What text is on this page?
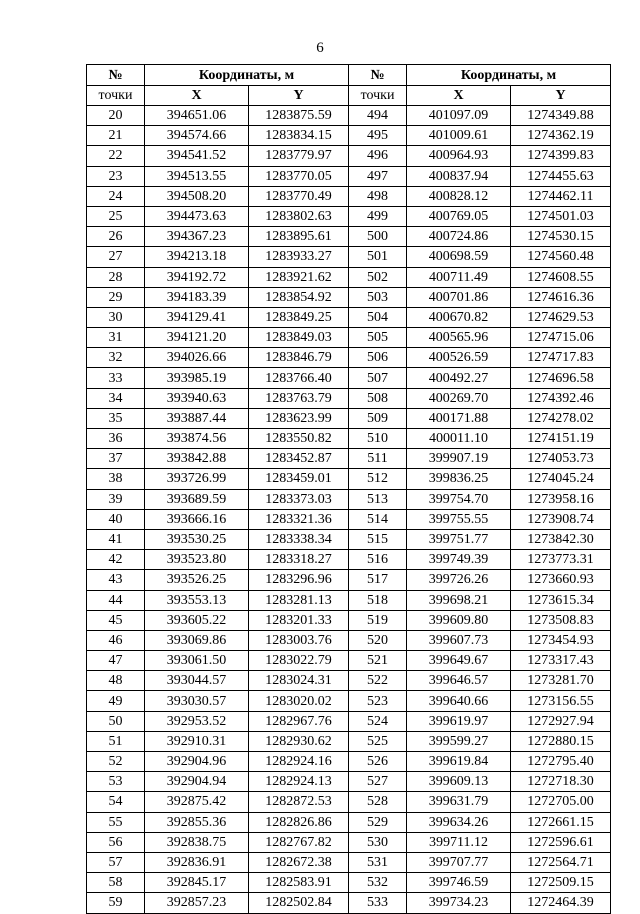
6
№	Координаты, м		№	Координаты, м	
точки	X	Y	точки	X	Y
20	394651.06	1283875.59	494	401097.09	1274349.88
21	394574.66	1283834.15	495	401009.61	1274362.19
22	394541.52	1283779.97	496	400964.93	1274399.83
23	394513.55	1283770.05	497	400837.94	1274455.63
24	394508.20	1283770.49	498	400828.12	1274462.11
25	394473.63	1283802.63	499	400769.05	1274501.03
26	394367.23	1283895.61	500	400724.86	1274530.15
27	394213.18	1283933.27	501	400698.59	1274560.48
28	394192.72	1283921.62	502	400711.49	1274608.55
29	394183.39	1283854.92	503	400701.86	1274616.36
30	394129.41	1283849.25	504	400670.82	1274629.53
31	394121.20	1283849.03	505	400565.96	1274715.06
32	394026.66	1283846.79	506	400526.59	1274717.83
33	393985.19	1283766.40	507	400492.27	1274696.58
34	393940.63	1283763.79	508	400269.70	1274392.46
35	393887.44	1283623.99	509	400171.88	1274278.02
36	393874.56	1283550.82	510	400011.10	1274151.19
37	393842.88	1283452.87	511	399907.19	1274053.73
38	393726.99	1283459.01	512	399836.25	1274045.24
39	393689.59	1283373.03	513	399754.70	1273958.16
40	393666.16	1283321.36	514	399755.55	1273908.74
41	393530.25	1283338.34	515	399751.77	1273842.30
42	393523.80	1283318.27	516	399749.39	1273773.31
43	393526.25	1283296.96	517	399726.26	1273660.93
44	393553.13	1283281.13	518	399698.21	1273615.34
45	393605.22	1283201.33	519	399609.80	1273508.83
46	393069.86	1283003.76	520	399607.73	1273454.93
47	393061.50	1283022.79	521	399649.67	1273317.43
48	393044.57	1283024.31	522	399646.57	1273281.70
49	393030.57	1283020.02	523	399640.66	1273156.55
50	392953.52	1282967.76	524	399619.97	1272927.94
51	392910.31	1282930.62	525	399599.27	1272880.15
52	392904.96	1282924.16	526	399619.84	1272795.40
53	392904.94	1282924.13	527	399609.13	1272718.30
54	392875.42	1282872.53	528	399631.79	1272705.00
55	392855.36	1282826.86	529	399634.26	1272661.15
56	392838.75	1282767.82	530	399711.12	1272596.61
57	392836.91	1282672.38	531	399707.77	1272564.71
58	392845.17	1282583.91	532	399746.59	1272509.15
59	392857.23	1282502.84	533	399734.23	1272464.39
